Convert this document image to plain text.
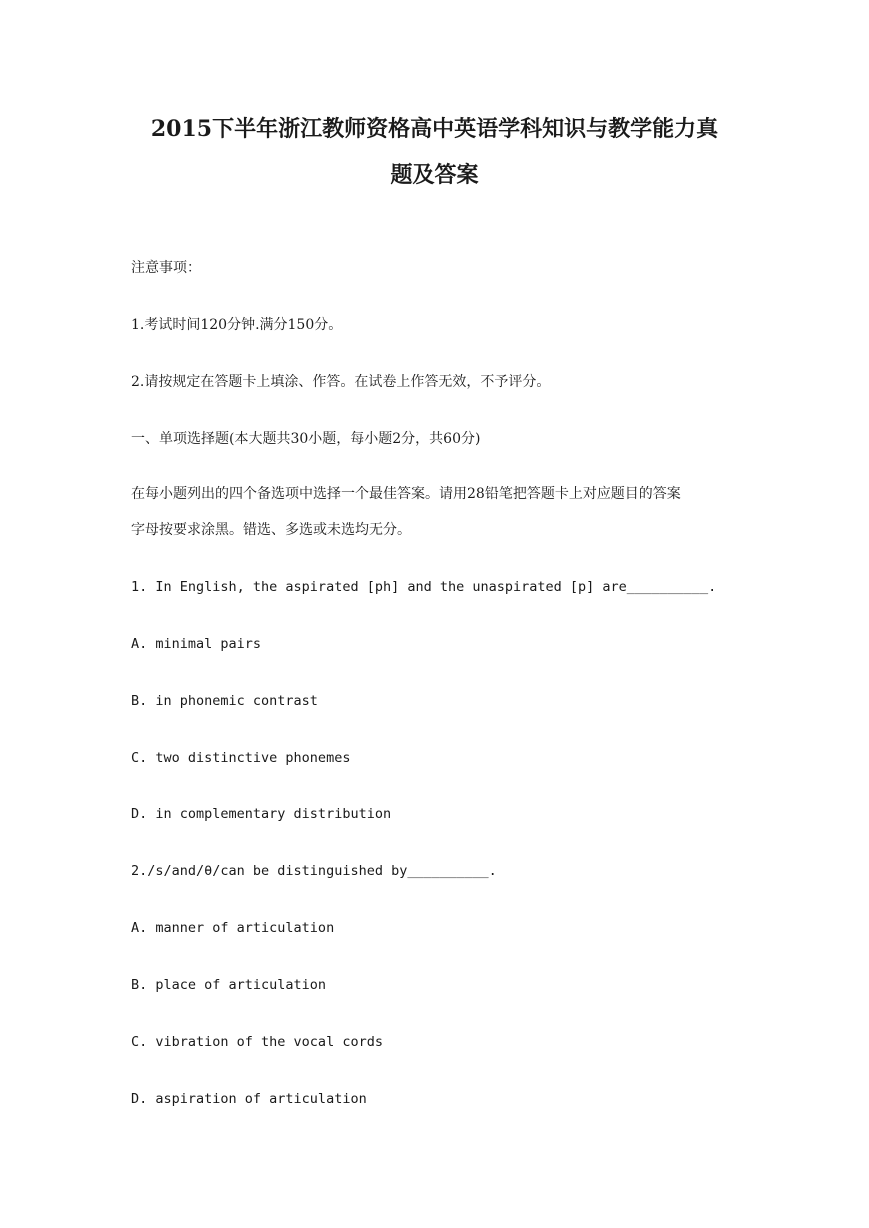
2015下半年浙江教师资格高中英语学科知识与教学能力真
题及答案

注意事项：

1.考试时间120分钟.满分150分。

2.请按规定在答题卡上填涂、作答。在试卷上作答无效，不予评分。

一、单项选择题(本大题共30小题，每小题2分，共60分)

在每小题列出的四个备选项中选择一个最佳答案。请用28铅笔把答题卡上对应题目的答案
字母按要求涂黑。错选、多选或未选均无分。

1. In English, the aspirated [ph] and the unaspirated [p] are__________.

A. minimal pairs

B. in phonemic contrast

C. two distinctive phonemes

D. in complementary distribution

2./s/and/θ/can be distinguished by__________.

A. manner of articulation

B. place of articulation

C. vibration of the vocal cords

D. aspiration of articulation
